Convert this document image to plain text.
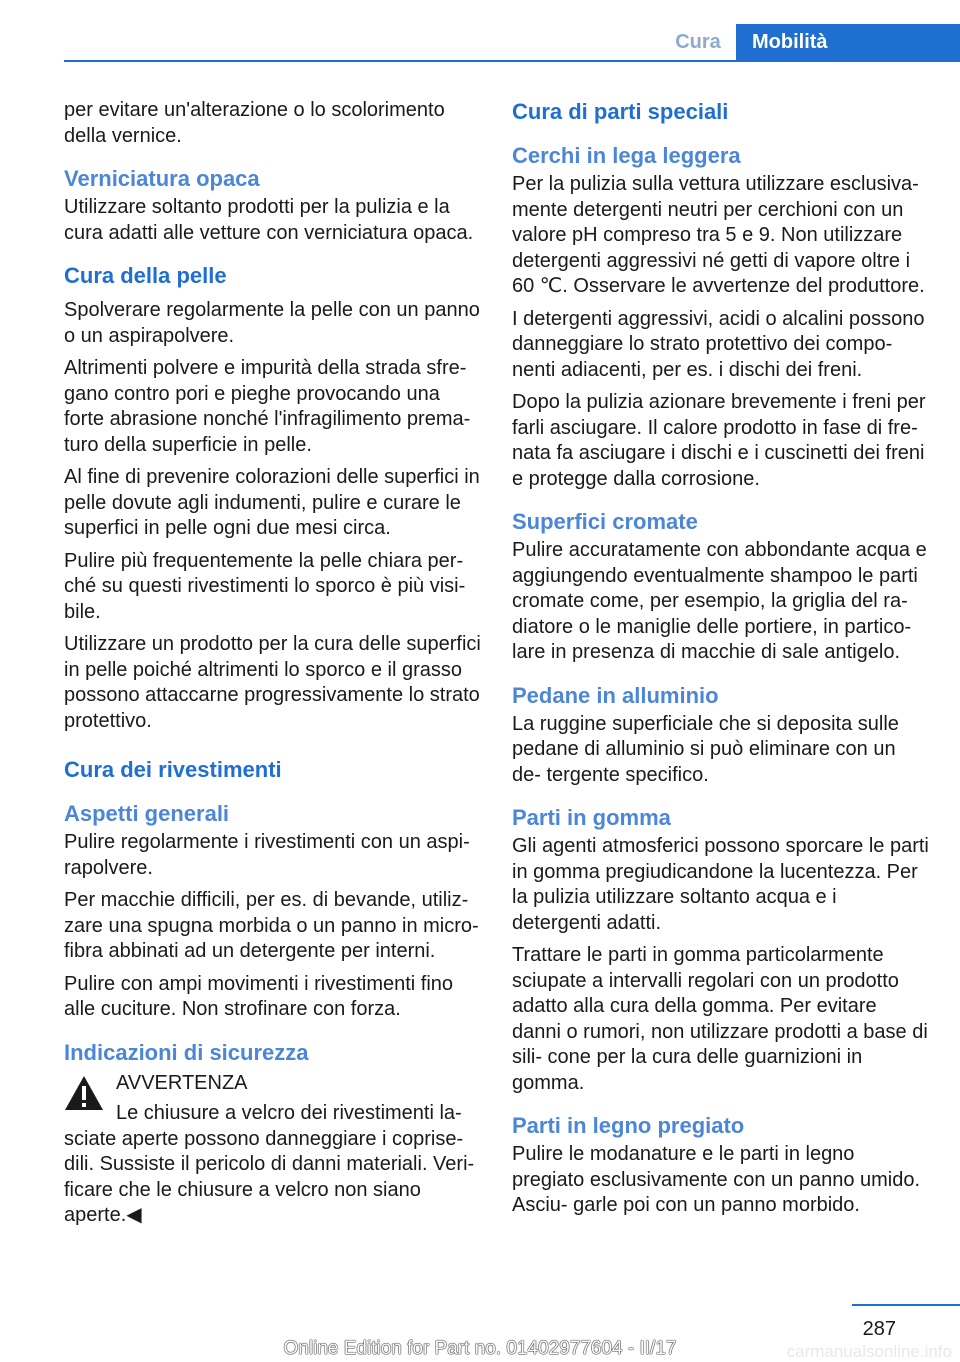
Cura	Mobilità

per evitare un'alterazione o lo scolorimento della vernice.

Verniciatura opaca

Utilizzare soltanto prodotti per la pulizia e la cura adatti alle vetture con verniciatura opaca.

Cura della pelle

Spolverare regolarmente la pelle con un panno o un aspirapolvere.

Altrimenti polvere e impurità della strada sfre‐ gano contro pori e pieghe provocando una forte abrasione nonché l'infragilimento prema‐ turo della superficie in pelle.

Al fine di prevenire colorazioni delle superfici in pelle dovute agli indumenti, pulire e curare le superfici in pelle ogni due mesi circa.

Pulire più frequentemente la pelle chiara per‐ ché su questi rivestimenti lo sporco è più visi‐ bile.

Utilizzare un prodotto per la cura delle superfici in pelle poiché altrimenti lo sporco e il grasso possono attaccarne progressivamente lo strato protettivo.

Cura dei rivestimenti
Aspetti generali

Pulire regolarmente i rivestimenti con un aspi‐ rapolvere.

Per macchie difficili, per es. di bevande, utiliz‐ zare una spugna morbida o un panno in micro‐ fibra abbinati ad un detergente per interni.

Pulire con ampi movimenti i rivestimenti fino alle cuciture. Non strofinare con forza.

Indicazioni di sicurezza

AVVERTENZA

Le chiusure a velcro dei rivestimenti la‐

sciate aperte possono danneggiare i coprise‐ dili. Sussiste il pericolo di danni materiali. Veri‐ ficare che le chiusure a velcro non siano aperte.◀

Cura di parti speciali
Cerchi in lega leggera

Per la pulizia sulla vettura utilizzare esclusiva‐ mente detergenti neutri per cerchioni con un valore pH compreso tra 5 e 9. Non utilizzare detergenti aggressivi né getti di vapore oltre i 60 ℃. Osservare le avvertenze del produttore.

I detergenti aggressivi, acidi o alcalini possono danneggiare lo strato protettivo dei compo‐ nenti adiacenti, per es. i dischi dei freni.

Dopo la pulizia azionare brevemente i freni per farli asciugare. Il calore prodotto in fase di fre‐ nata fa asciugare i dischi e i cuscinetti dei freni e protegge dalla corrosione.

Superfici cromate

Pulire accuratamente con abbondante acqua e aggiungendo eventualmente shampoo le parti cromate come, per esempio, la griglia del ra‐ diatore o le maniglie delle portiere, in partico‐ lare in presenza di macchie di sale antigelo.

Pedane in alluminio

La ruggine superficiale che si deposita sulle pedane di alluminio si può eliminare con un de‐ tergente specifico.

Parti in gomma

Gli agenti atmosferici possono sporcare le parti in gomma pregiudicandone la lucentezza. Per la pulizia utilizzare soltanto acqua e i detergenti adatti.

Trattare le parti in gomma particolarmente sciupate a intervalli regolari con un prodotto adatto alla cura della gomma. Per evitare danni o rumori, non utilizzare prodotti a base di sili‐ cone per la cura delle guarnizioni in gomma.

Parti in legno pregiato

Pulire le modanature e le parti in legno pregiato esclusivamente con un panno umido. Asciu‐ garle poi con un panno morbido.

287
Online Edition for Part no. 01402977604 - II/17	carmanualsonline.info
